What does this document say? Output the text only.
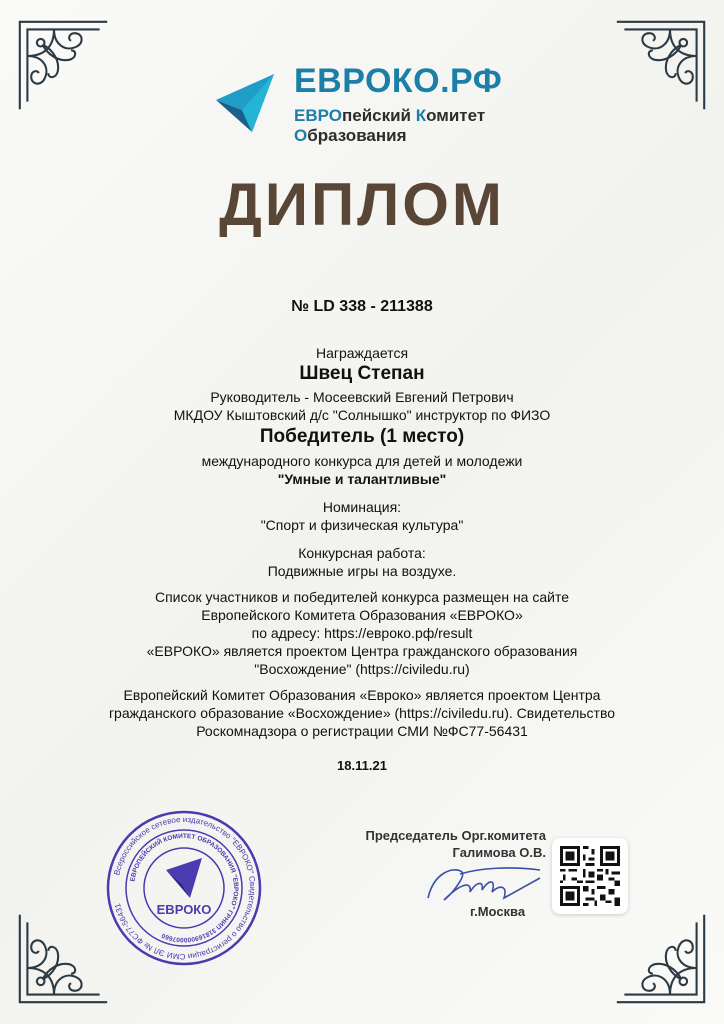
ЕВРОКО.РФ
ЕВРОпейский Комитет
Образования
ДИПЛОМ
№ LD 338 - 211388
Награждается
Швец Степан
Руководитель - Мосеевский Евгений Петрович
МКДОУ Кыштовский д/с "Солнышко" инструктор по ФИЗО
Победитель (1 место)
международного конкурса для детей и молодежи
"Умные и талантливые"
Номинация:
"Спорт и физическая культура"
Конкурсная работа:
Подвижные игры на воздухе.
Список участников и победителей конкурса размещен на сайте
Европейского Комитета Образования «ЕВРОКО»
по адресу: https://евроко.рф/result
«ЕВРОКО» является проектом Центра гражданского образования
"Восхождение" (https://civiledu.ru)
Европейский Комитет Образования «Евроко» является проектом Центра
гражданского образование «Восхождение» (https://civiledu.ru). Свидетельство
Роскомнадзора о регистрации СМИ №ФС77-56431
18.11.21
Всероссийское сетевое издательство "ЕВРОКО" Свидетельство о регистрации СМИ ЭЛ № ФС77-56431
ЕВРОПЕЙСКИЙ КОМИТЕТ ОБРАЗОВАНИЯ "ЕВРОКО" ГРНИП 318169000007660
ЕВРОКО
Председатель Орг.комитета
Галимова О.В.
г.Москва
